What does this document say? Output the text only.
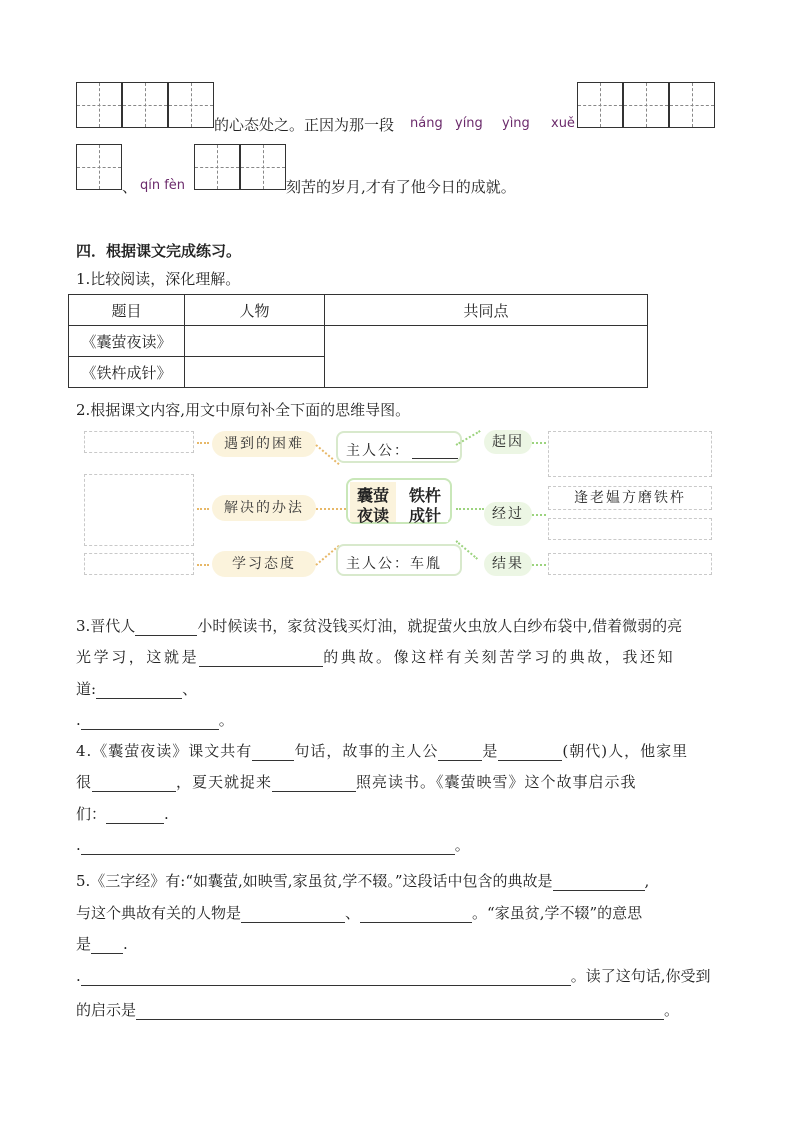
的心态处之。正因为那一段 náng yíng yìng xuě
、 qín fèn	刻苦的岁月,才有了他今日的成就。
四．根据课文完成练习。
1.比较阅读，深化理解。
题目	人物	共同点
《囊萤夜读》		
《铁杵成针》		
2.根据课文内容,用文中原句补全下面的思维导图。
遇到的困难
解决的办法
学习态度
主人公：
囊萤
夜读
铁杵
成针
主人公：车胤
起因
经过
结果
逢老媪方磨铁杵
3.晋代人	小时候读书，家贫没钱买灯油，就捉萤火虫放人白纱布袋中,借着微弱的亮
光学习，这就是	的典故。像这样有关刻苦学习的典故，我还知
道:	、
.	。
4.《囊萤夜读》课文共有	句话，故事的主人公	是	(朝代)人，他家里
很	，夏天就捉来	照亮读书。《囊萤映雪》这个故事启示我
们：	.
.	。
5.《三字经》有:“如囊萤,如映雪,家虽贫,学不辍。”这段话中包含的典故是	,
与这个典故有关的人物是	、	。“家虽贫,学不辍”的意思
是 .
.	。读了这句话,你受到
的启示是	。
